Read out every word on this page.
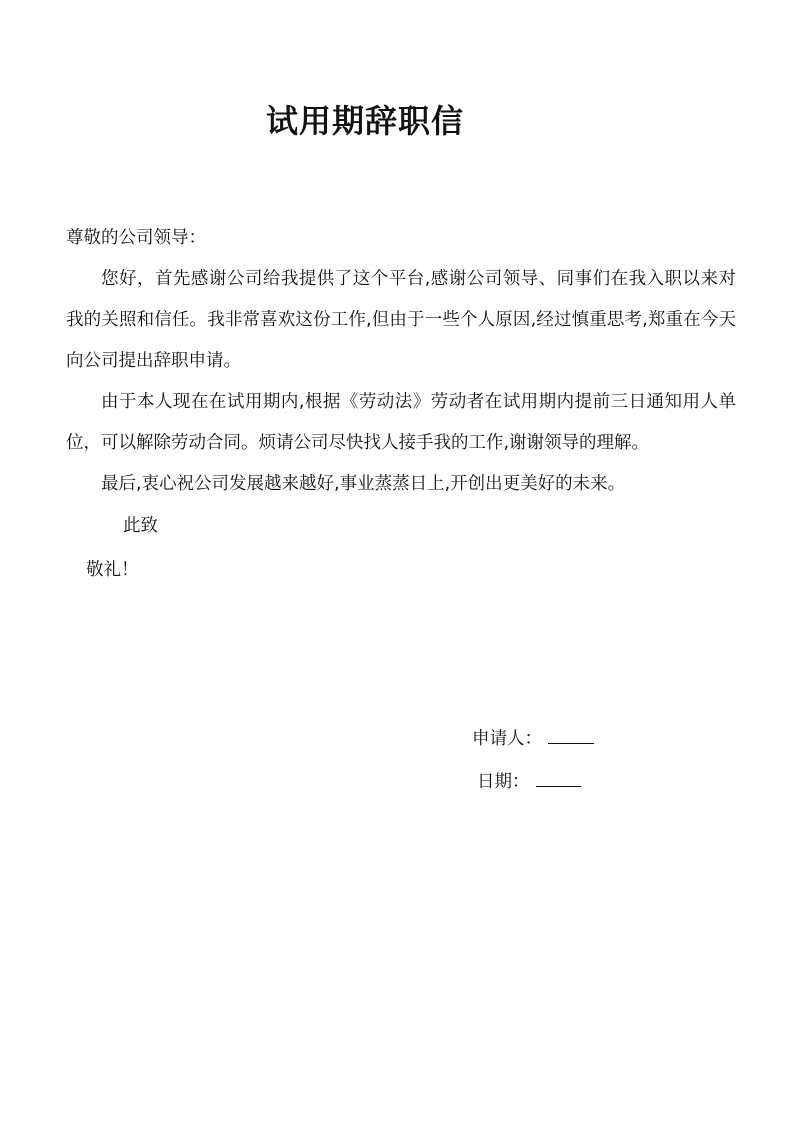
试用期辞职信

尊敬的公司领导：

您好，首先感谢公司给我提供了这个平台,感谢公司领导、同事们在我入职以来对我的关照和信任。我非常喜欢这份工作,但由于一些个人原因,经过慎重思考,郑重在今天向公司提出辞职申请。

由于本人现在在试用期内,根据《劳动法》劳动者在试用期内提前三日通知用人单位，可以解除劳动合同。烦请公司尽快找人接手我的工作,谢谢领导的理解。

最后,衷心祝公司发展越来越好,事业蒸蒸日上,开创出更美好的未来。

此致

敬礼！

申请人：
日期：
